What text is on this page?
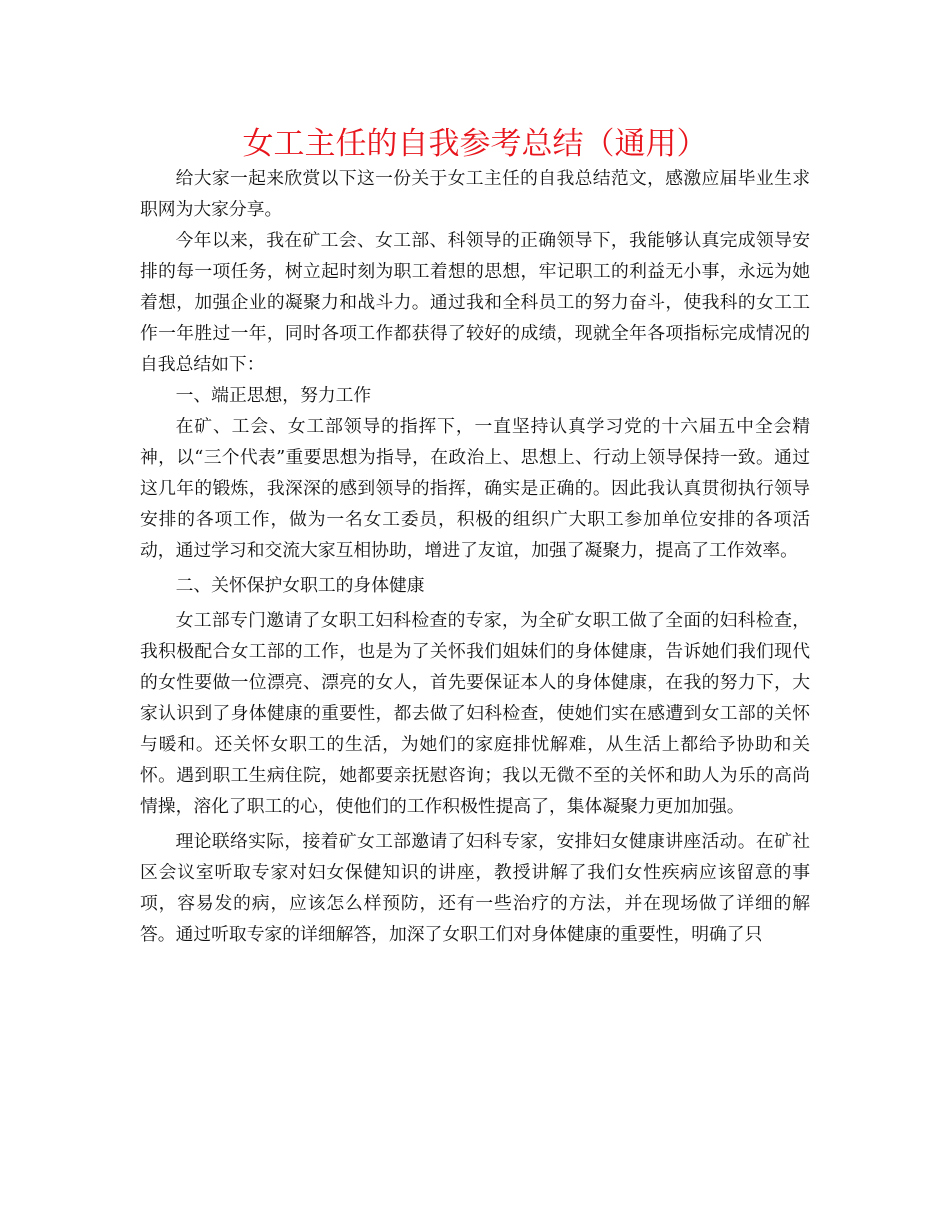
女工主任的自我参考总结（通用）

给大家一起来欣赏以下这一份关于女工主任的自我总结范文，感激应届毕业生求职网为大家分享。

今年以来，我在矿工会、女工部、科领导的正确领导下，我能够认真完成领导安排的每一项任务，树立起时刻为职工着想的思想，牢记职工的利益无小事，永远为她着想，加强企业的凝聚力和战斗力。通过我和全科员工的努力奋斗，使我科的女工工作一年胜过一年，同时各项工作都获得了较好的成绩，现就全年各项指标完成情况的自我总结如下：

一、端正思想，努力工作

在矿、工会、女工部领导的指挥下，一直坚持认真学习党的十六届五中全会精神，以“三个代表”重要思想为指导，在政治上、思想上、行动上领导保持一致。通过这几年的锻炼，我深深的感到领导的指挥，确实是正确的。因此我认真贯彻执行领导安排的各项工作，做为一名女工委员，积极的组织广大职工参加单位安排的各项活动，通过学习和交流大家互相协助，增进了友谊，加强了凝聚力，提高了工作效率。

二、关怀保护女职工的身体健康

女工部专门邀请了女职工妇科检查的专家，为全矿女职工做了全面的妇科检查，我积极配合女工部的工作，也是为了关怀我们姐妹们的身体健康，告诉她们我们现代的女性要做一位漂亮、漂亮的女人，首先要保证本人的身体健康，在我的努力下，大家认识到了身体健康的重要性，都去做了妇科检查，使她们实在感遭到女工部的关怀与暖和。还关怀女职工的生活，为她们的家庭排忧解难，从生活上都给予协助和关怀。遇到职工生病住院，她都要亲抚慰咨询；我以无微不至的关怀和助人为乐的高尚情操，溶化了职工的心，使他们的工作积极性提高了，集体凝聚力更加加强。

理论联络实际，接着矿女工部邀请了妇科专家，安排妇女健康讲座活动。在矿社区会议室听取专家对妇女保健知识的讲座，教授讲解了我们女性疾病应该留意的事项，容易发的病，应该怎么样预防，还有一些治疗的方法，并在现场做了详细的解答。通过听取专家的详细解答，加深了女职工们对身体健康的重要性，明确了只
